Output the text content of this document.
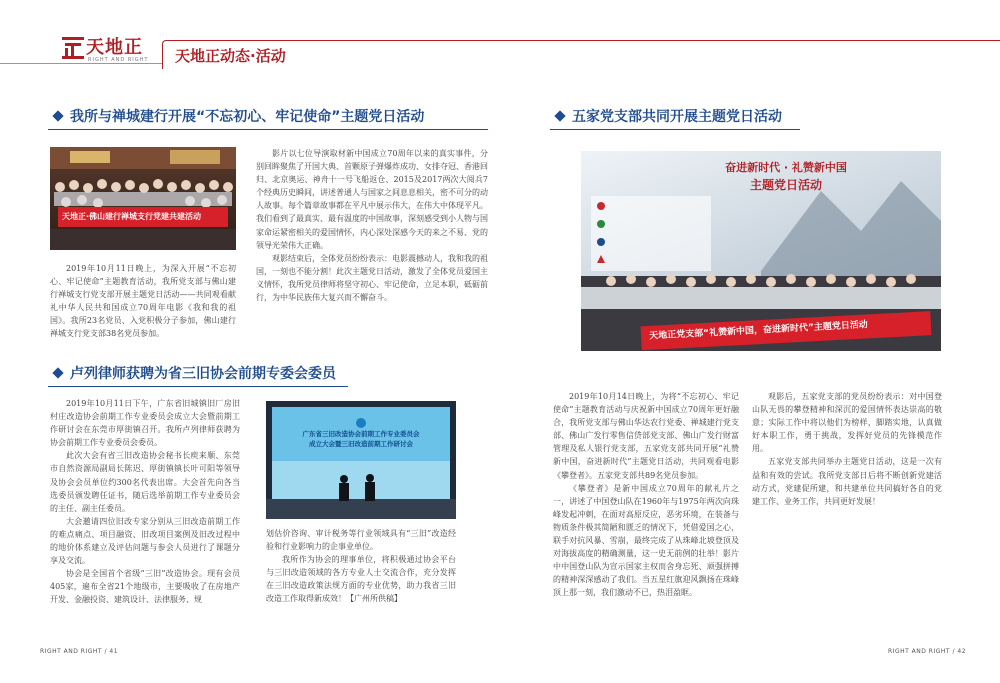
天地正
RIGHT AND RIGHT 天地正动态·活动
我所与禅城建行开展“不忘初心、牢记使命”主题党日活动
天地正·佛山建行禅城支行党建共建活动

2019年10月11日晚上，为深入开展“不忘初心、牢记使命”主题教育活动，我所党支部与佛山建行禅城支行党支部开展主题党日活动——共同观看献礼中华人民共和国成立70周年电影《我和我的祖国》。我所23名党员、入党积极分子参加，佛山建行禅城支行党支部38名党员参加。

影片以七位导演取材新中国成立70周年以来的真实事件，分别回眸聚焦了开国大典、首颗原子弹爆炸成功、女排夺冠、香港回归、北京奥运、神舟十一号飞船返仓、2015及2017两次大阅兵7个经典历史瞬间，讲述普通人与国家之间息息相关，密不可分的动人故事。每个篇章故事都在平凡中展示伟大，在伟大中体现平凡。我们看到了最真实、最有温度的中国故事，深刻感受到小人物与国家命运紧密相关的爱国情怀，内心深处深感今天的来之不易、党的领导光荣伟大正确。

观影结束后，全体党员纷纷表示：电影震撼动人，我和我的祖国，一刻也不能分割！此次主题党日活动，激发了全体党员爱国主义情怀，我所党员律师将坚守初心、牢记使命，立足本职，砥砺前行，为中华民族伟大复兴而不懈奋斗。

卢列律师获聘为省三旧协会前期专委会委员

2019年10月11日下午，广东省旧城镇旧厂房旧村庄改造协会前期工作专业委员会成立大会暨前期工作研讨会在东莞市厚街镇召开。我所卢列律师获聘为协会前期工作专业委员会委员。

此次大会有省三旧改造协会秘书长庾来顺、东莞市自然资源局副局长陈迟、厚街镇镇长叶可阳等领导及协会会员单位约300名代表出席。大会首先向各当选委员颁发聘任证书，随后选举前期工作专业委员会的主任、副主任委员。

大会邀请四位旧改专家分别从三旧改造前期工作的难点痛点、项目融资、旧改项目案例及旧改过程中的地价体系建立及评估问题与参会人员进行了课题分享及交流。

协会是全国首个省级“三旧”改造协会。现有会员405家，遍布全省21个地级市，主要吸收了在房地产开发、金融投资、建筑设计、法律服务、规

广东省三旧改造协会前期工作专业委员会
成立大会暨三旧改造前期工作研讨会

划估价咨询、审计税务等行业领域具有“三旧”改造经验和行业影响力的企事业单位。

我所作为协会的理事单位，将积极通过协会平台与三旧改造领域的各方专业人士交流合作，充分发挥在三旧改造政策法规方面的专业优势，助力我省三旧改造工作取得新成效！【广州所供稿】

五家党支部共同开展主题党日活动
奋进新时代 · 礼赞新中国
主题党日活动
天地正党支部“礼赞新中国，奋进新时代”主题党日活动

2019年10月14日晚上，为将“不忘初心、牢记使命”主题教育活动与庆祝新中国成立70周年更好融合，我所党支部与佛山华达农行党委、禅城建行党支部、佛山广发行零售信贷部党支部、佛山广发行财富管理及私人银行党支部，五家党支部共同开展“礼赞新中国，奋进新时代”主题党日活动，共同观看电影《攀登者》。五家党支部共89名党员参加。

《攀登者》是新中国成立70周年的献礼片之一，讲述了中国登山队在1960年与1975年两次向珠峰发起冲刺，在面对高原反应，恶劣环境，在装备与物质条件极其简陋和匮乏的情况下，凭借爱国之心，联手对抗风暴、雪崩，最终完成了从珠峰北坡登顶及对海拔高度的精确测量，这一史无前例的壮举！影片中中国登山队为宣示国家主权而舍身忘死、顽强拼搏的精神深深感动了我们。当五星红旗迎风飘扬在珠峰顶上那一刻，我们激动不已，热泪盈眶。

观影后，五家党支部的党员纷纷表示：对中国登山队无畏的攀登精神和深沉的爱国情怀表达崇高的敬意；实际工作中将以他们为榜样，脚踏实地，认真做好本职工作，勇于挑战，发挥好党员的先锋模范作用。

五家党支部共同举办主题党日活动，这是一次有益和有效的尝试。我所党支部日后将不断创新党建活动方式，党建促所建，和共建单位共同搞好各自的党建工作、业务工作，共同更好发展！

RIGHT AND RIGHT / 41	RIGHT AND RIGHT / 42
